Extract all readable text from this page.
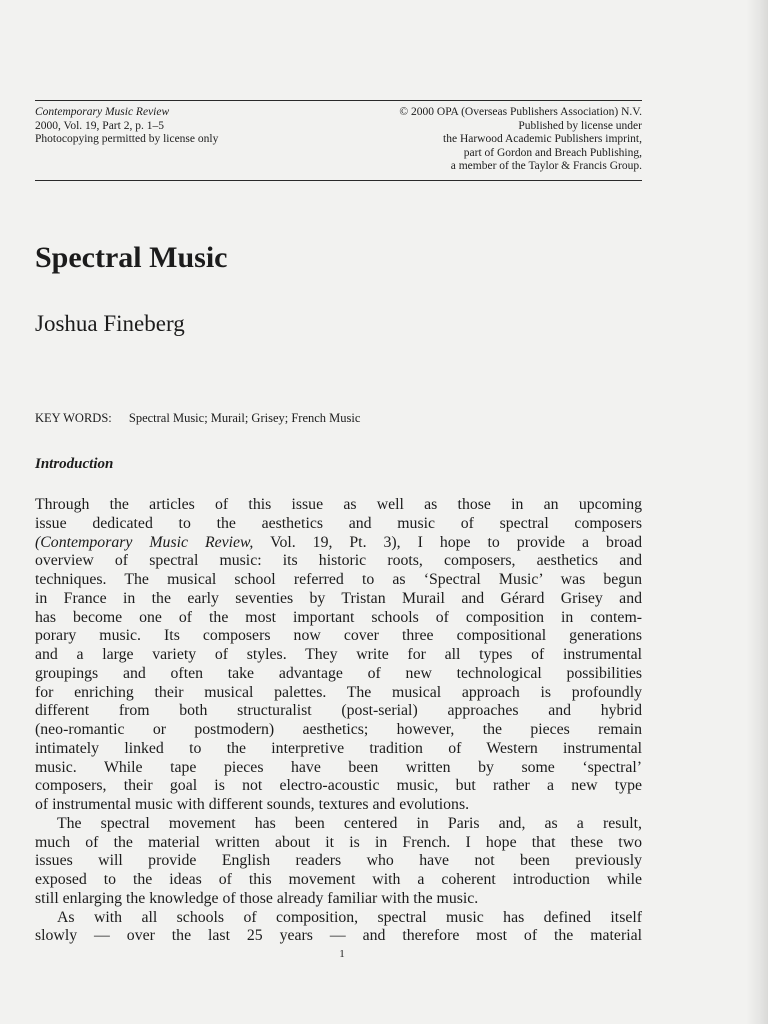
Contemporary Music Review
2000, Vol. 19, Part 2, p. 1–5
Photocopying permitted by license only
© 2000 OPA (Overseas Publishers Association) N.V.
Published by license under
the Harwood Academic Publishers imprint,
part of Gordon and Breach Publishing,
a member of the Taylor & Francis Group.
Spectral Music
Joshua Fineberg
KEY WORDS: Spectral Music; Murail; Grisey; French Music
Introduction
Through the articles of this issue as well as those in an upcoming
issue dedicated to the aesthetics and music of spectral composers
(Contemporary Music Review, Vol. 19, Pt. 3), I hope to provide a broad
overview of spectral music: its historic roots, composers, aesthetics and
techniques. The musical school referred to as ‘Spectral Music’ was begun
in France in the early seventies by Tristan Murail and Gérard Grisey and
has become one of the most important schools of composition in contem-
porary music. Its composers now cover three compositional generations
and a large variety of styles. They write for all types of instrumental
groupings and often take advantage of new technological possibilities
for enriching their musical palettes. The musical approach is profoundly
different from both structuralist (post-serial) approaches and hybrid
(neo-romantic or postmodern) aesthetics; however, the pieces remain
intimately linked to the interpretive tradition of Western instrumental
music. While tape pieces have been written by some ‘spectral’
composers, their goal is not electro-acoustic music, but rather a new type
of instrumental music with different sounds, textures and evolutions.
The spectral movement has been centered in Paris and, as a result,
much of the material written about it is in French. I hope that these two
issues will provide English readers who have not been previously
exposed to the ideas of this movement with a coherent introduction while
still enlarging the knowledge of those already familiar with the music.
As with all schools of composition, spectral music has defined itself
slowly — over the last 25 years — and therefore most of the material
1
